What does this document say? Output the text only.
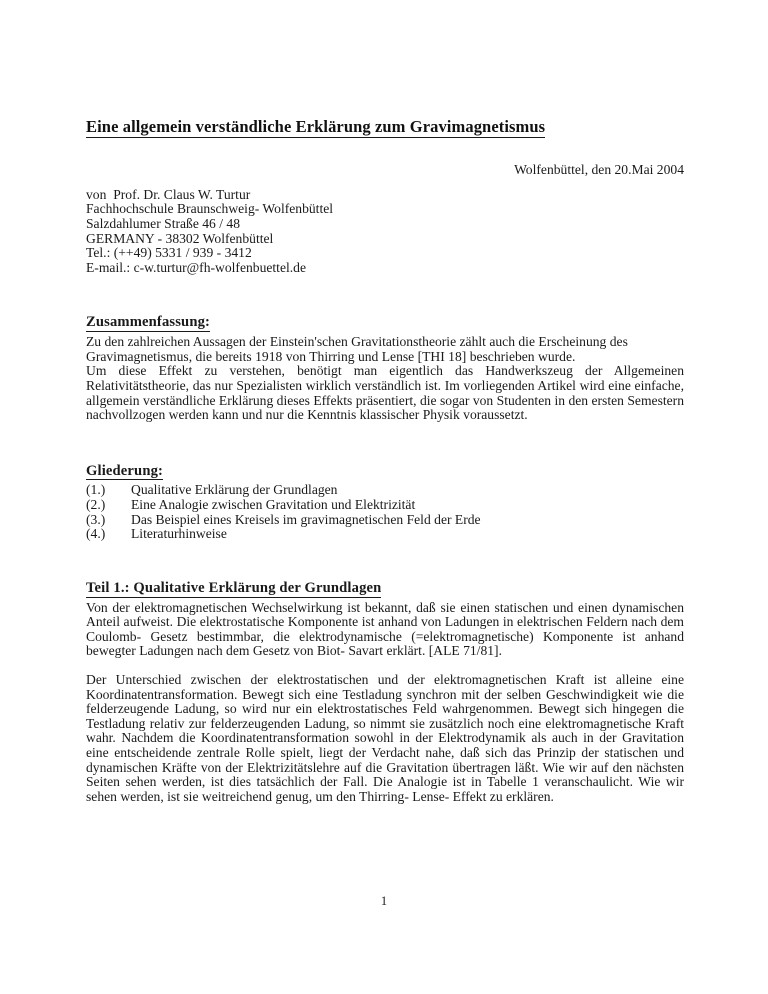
Eine allgemein verständliche Erklärung zum Gravimagnetismus
Wolfenbüttel, den 20.Mai 2004
von  Prof. Dr. Claus W. Turtur
Fachhochschule Braunschweig- Wolfenbüttel
Salzdahlumer Straße 46 / 48
GERMANY - 38302 Wolfenbüttel
Tel.: (++49) 5331 / 939 - 3412
E-mail.: c-w.turtur@fh-wolfenbuettel.de
Zusammenfassung:

Zu den zahlreichen Aussagen der Einstein'schen Gravitationstheorie zählt auch die Erscheinung des Gravimagnetismus, die bereits 1918 von Thirring und Lense [THI 18] beschrieben wurde.

Um diese Effekt zu verstehen, benötigt man eigentlich das Handwerkszeug der Allgemeinen Relativitätstheorie, das nur Spezialisten wirklich verständlich ist. Im vorliegenden Artikel wird eine einfache, allgemein verständliche Erklärung dieses Effekts präsentiert, die sogar von Studenten in den ersten Semestern nachvollzogen werden kann und nur die Kenntnis klassischer Physik voraussetzt.

Gliederung:
(1.)	Qualitative Erklärung der Grundlagen
(2.)	Eine Analogie zwischen Gravitation und Elektrizität
(3.)	Das Beispiel eines Kreisels im gravimagnetischen Feld der Erde
(4.)	Literaturhinweise
Teil 1.: Qualitative Erklärung der Grundlagen

Von der elektromagnetischen Wechselwirkung ist bekannt, daß sie einen statischen und einen dynamischen Anteil aufweist. Die elektrostatische Komponente ist anhand von Ladungen in elektrischen Feldern nach dem Coulomb- Gesetz bestimmbar, die elektrodynamische (=elektromagnetische) Komponente ist anhand bewegter Ladungen nach dem Gesetz von Biot- Savart erklärt. [ALE 71/81].

Der Unterschied zwischen der elektrostatischen und der elektromagnetischen Kraft ist alleine eine Koordinatentransformation. Bewegt sich eine Testladung synchron mit der selben Geschwindigkeit wie die felderzeugende Ladung, so wird nur ein elektrostatisches Feld wahrgenommen. Bewegt sich hingegen die Testladung relativ zur felderzeugenden Ladung, so nimmt sie zusätzlich noch eine elektromagnetische Kraft wahr. Nachdem die Koordinatentransformation sowohl in der Elektrodynamik als auch in der Gravitation eine entscheidende zentrale Rolle spielt, liegt der Verdacht nahe, daß sich das Prinzip der statischen und dynamischen Kräfte von der Elektrizitätslehre auf die Gravitation übertragen läßt. Wie wir auf den nächsten Seiten sehen werden, ist dies tatsächlich der Fall. Die Analogie ist in Tabelle 1 veranschaulicht. Wie wir sehen werden, ist sie weitreichend genug, um den Thirring- Lense- Effekt zu erklären.

1
